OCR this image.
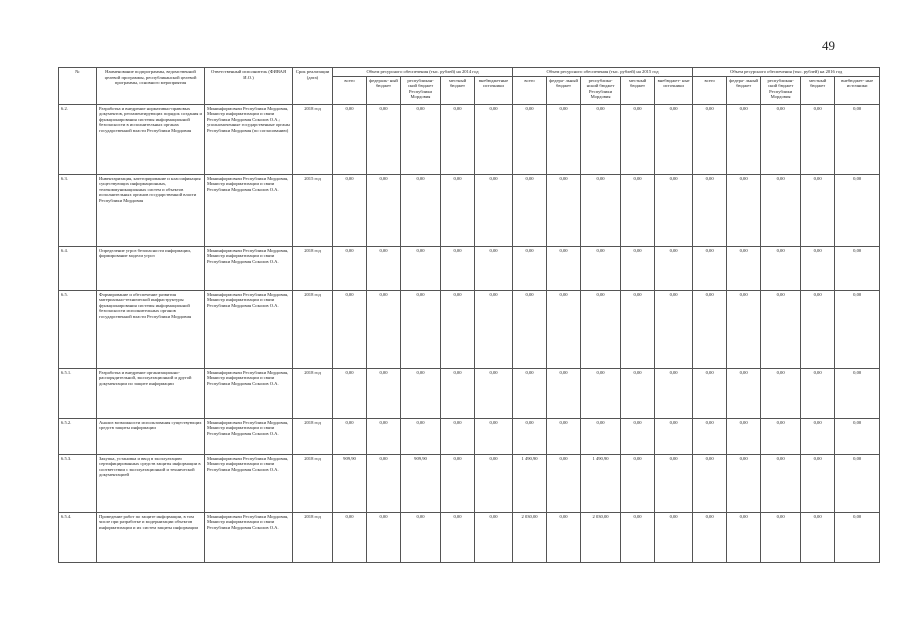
49
№	Наименование подпрограммы, ведомственной целевой программы, республиканской целевой программы, основного мероприятия	Ответственный исполнитель (ФИВАЯ И.О.)	Срок реализации (дата)	Объем ресурсного обеспечения (тыс. рублей) на 2014 год					Объем ресурсного обеспечения (тыс. рублей) на 2015 год					Объем ресурсного обеспечения (тыс. рублей) на 2016 год				
				всего	федераль- ный бюджет	республикан- ский бюджет Республики Мордовия	местный бюджет	внебюджетные источники	всего	федера- льный бюджет	республика- нский бюджет Республики Мордовия	местный бюджет	внебюджет- ные источники	всего	федера- льный бюджет	республикан- ский бюджет Республики Мордовия	местный бюджет	внебюджет- ные источники
6.2.	Разработка и внедрение нормативно-правовых документов, регламентирующих порядок создания и функционирования системы информационной безопасности в исполнительных органах государственной власти Республики Мордовия	Мининформсвязи Республики Мордовия, Министр информатизации и связи Республики Мордовия Соколов О.А.; уполномоченные государственные органы Республики Мордовия (по согласованию)	2018 год	0,00	0,00	0,00	0,00	0,00	0,00	0,00	0,00	0,00	0,00	0,00	0,00	0,00	0,00	0,00
6.3.	Инвентаризация, категорирование и классификация существующих информационных, телекоммуникационных систем и объектов исполнительных органов государственной власти Республики Мордовия	Мининформсвязи Республики Мордовия, Министр информатизации и связи Республики Мордовия Соколов О.А.	2015 год	0,00	0,00	0,00	0,00	0,00	0,00	0,00	0,00	0,00	0,00	0,00	0,00	0,00	0,00	0,00
6.4.	Определение угроз безопасности информации, формирование модели угроз	Мининформсвязи Республики Мордовия, Министр информатизации и связи Республики Мордовия Соколов О.А.	2018 год	0,00	0,00	0,00	0,00	0,00	0,00	0,00	0,00	0,00	0,00	0,00	0,00	0,00	0,00	0,00
6.5.	Формирование и обеспечение развития материально-технической инфраструктуры функционирования системы информационной безопасности исполнительных органов государственной власти Республики Мордовия	Мининформсвязи Республики Мордовия, Министр информатизации и связи Республики Мордовия Соколов О.А.	2018 год	0,00	0,00	0,00	0,00	0,00	0,00	0,00	0,00	0,00	0,00	0,00	0,00	0,00	0,00	0,00
6.5.1.	Разработка и внедрение организационно-распорядительной, эксплуатационной и другой документации по защите информации	Мининформсвязи Республики Мордовия, Министр информатизации и связи Республики Мордовия Соколов О.А.	2018 год	0,00	0,00	0,00	0,00	0,00	0,00	0,00	0,00	0,00	0,00	0,00	0,00	0,00	0,00	0,00
6.5.2.	Анализ возможности использования существующих средств защиты информации	Мининформсвязи Республики Мордовия, Министр информатизации и связи Республики Мордовия Соколов О.А.	2018 год	0,00	0,00	0,00	0,00	0,00	0,00	0,00	0,00	0,00	0,00	0,00	0,00	0,00	0,00	0,00
6.5.3.	Закупка, установка и ввод в эксплуатацию сертифицированных средств защиты информации в соответствии с эксплуатационной и технической документацией	Мининформсвязи Республики Мордовия, Министр информатизации и связи Республики Мордовия Соколов О.А.	2018 год	909,90	0,00	909,90	0,00	0,00	1 490,90	0,00	1 490,90	0,00	0,00	0,00	0,00	0,00	0,00	0,00
6.5.4.	Проведение работ по защите информации, в том числе при разработке и модернизации объектов информатизации и их систем защиты информации	Мининформсвязи Республики Мордовия, Министр информатизации и связи Республики Мордовия Соколов О.А.	2018 год	0,00	0,00	0,00	0,00	0,00	2 030,00	0,00	2 030,00	0,00	0,00	0,00	0,00	0,00	0,00	0,00
